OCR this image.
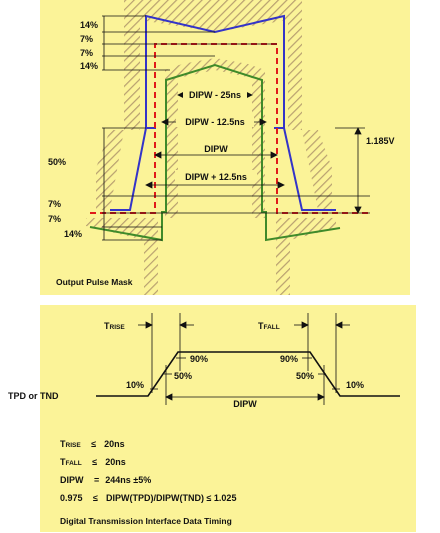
14%
7%
7%
14%
50%
7%
7%
14%
DIPW - 25ns
DIPW - 12.5ns
DIPW
DIPW + 12.5ns
1.185V
Output Pulse Mask
TRISE	TFALL
90%
50%
10%
90%
50%
10%
TPD or TND
DIPW
TRISE ≤ 20ns
TFALL ≤ 20ns
DIPW = 244ns ±5%
0.975 ≤ DIPW(TPD)/DIPW(TND) ≤ 1.025
Digital Transmission Interface Data Timing
